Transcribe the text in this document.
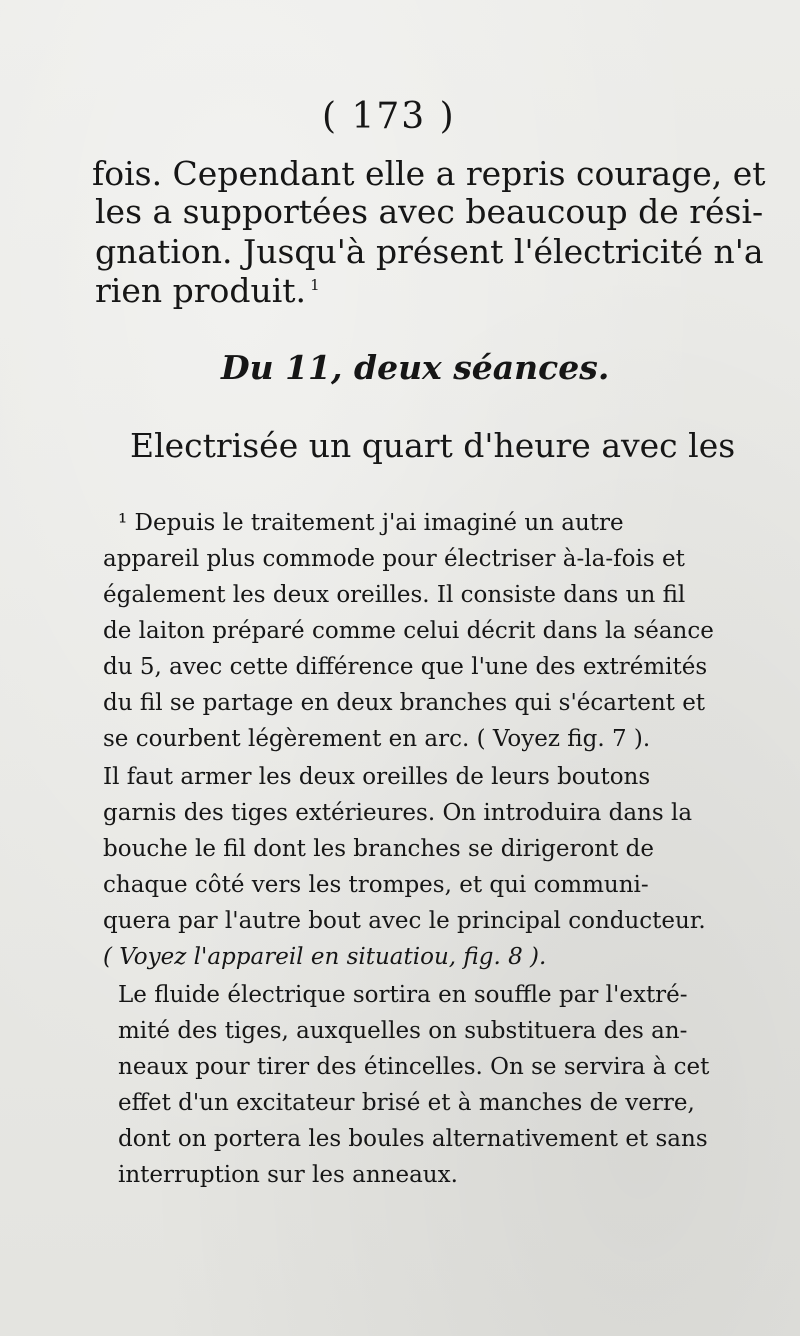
( 173 )
fois. Cependant elle a repris courage, et
les a supportées avec beaucoup de rési-
gnation. Jusqu'à présent l'électricité n'a
rien produit. $^1$
Du 11, deux séances.
Electrisée un quart d'heure avec les
¹ Depuis le traitement j'ai imaginé un autre
appareil plus commode pour électriser à-la-fois et
également les deux oreilles. Il consiste dans un fil
de laiton préparé comme celui décrit dans la séance
du 5, avec cette différence que l'une des extrémités
du fil se partage en deux branches qui s'écartent et
se courbent légèrement en arc. ( Voyez fig. 7 ).
Il faut armer les deux oreilles de leurs boutons
garnis des tiges extérieures. On introduira dans la
bouche le fil dont les branches se dirigeront de
chaque côté vers les trompes, et qui communi-
quera par l'autre bout avec le principal conducteur.
( Voyez l'appareil en situatiou, fig. 8 ).
Le fluide électrique sortira en souffle par l'extré-
mité des tiges, auxquelles on substituera des an-
neaux pour tirer des étincelles. On se servira à cet
effet d'un excitateur brisé et à manches de verre,
dont on portera les boules alternativement et sans
interruption sur les anneaux.
